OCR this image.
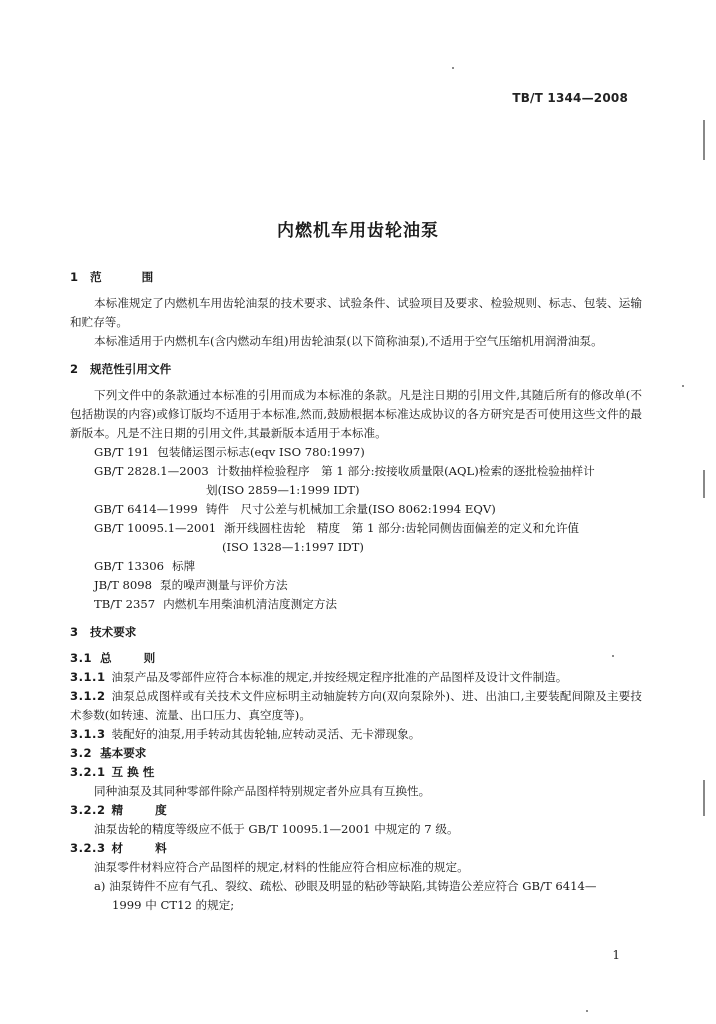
TB/T 1344—2008
内燃机车用齿轮油泵
1 范 围

本标准规定了内燃机车用齿轮油泵的技术要求、试验条件、试验项目及要求、检验规则、标志、包装、运输和贮存等。

本标准适用于内燃机车(含内燃动车组)用齿轮油泵(以下简称油泵),不适用于空气压缩机用润滑油泵。

2 规范性引用文件

下列文件中的条款通过本标准的引用而成为本标准的条款。凡是注日期的引用文件,其随后所有的修改单(不包括勘误的内容)或修订版均不适用于本标准,然而,鼓励根据本标准达成协议的各方研究是否可使用这些文件的最新版本。凡是不注日期的引用文件,其最新版本适用于本标准。

GB/T 191 包装储运图示标志(eqv ISO 780:1997)
GB/T 2828.1—2003 计数抽样检验程序　第 1 部分:按接收质量限(AQL)检索的逐批检验抽样计
划(ISO 2859—1:1999 IDT)
GB/T 6414—1999 铸件　尺寸公差与机械加工余量(ISO 8062:1994 EQV)
GB/T 10095.1—2001 渐开线圆柱齿轮　精度　第 1 部分:齿轮同侧齿面偏差的定义和允许值
(ISO 1328—1:1997 IDT)
GB/T 13306 标牌
JB/T 8098 泵的噪声测量与评价方法
TB/T 2357 内燃机车用柴油机清洁度测定方法
3 技术要求

3.1 总 则

3.1.1 油泵产品及零部件应符合本标准的规定,并按经规定程序批准的产品图样及设计文件制造。

3.1.2 油泵总成图样或有关技术文件应标明主动轴旋转方向(双向泵除外)、进、出油口,主要装配间隙及主要技术参数(如转速、流量、出口压力、真空度等)。

3.1.3 装配好的油泵,用手转动其齿轮轴,应转动灵活、无卡滞现象。

3.2 基本要求

3.2.1 互换性

同种油泵及其同种零部件除产品图样特别规定者外应具有互换性。

3.2.2 精 度

油泵齿轮的精度等级应不低于 GB/T 10095.1—2001 中规定的 7 级。

3.2.3 材 料

油泵零件材料应符合产品图样的规定,材料的性能应符合相应标准的规定。

a) 油泵铸件不应有气孔、裂纹、疏松、砂眼及明显的粘砂等缺陷,其铸造公差应符合 GB/T 6414—
1999 中 CT12 的规定;

1
